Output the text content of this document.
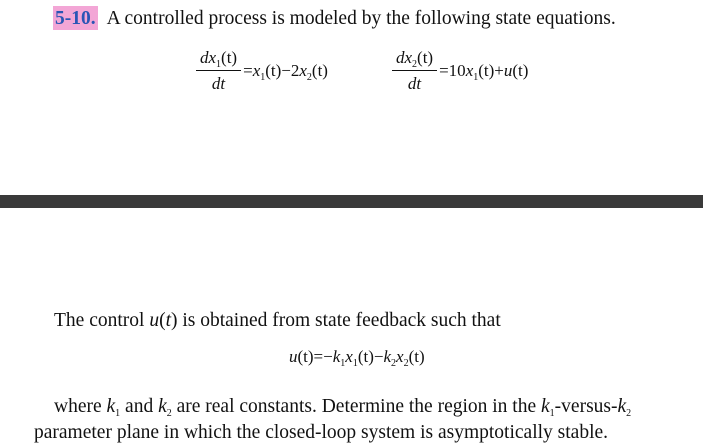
5-10. A controlled process is modeled by the following state equations.
$\frac{dx_1(t)}{dt} =x_1(t)-2x_2(t)$	$\frac{dx_2(t)}{dt} =10x_1(t)+u(t)$
The control u(t) is obtained from state feedback such that
$u(t)=-k_1x_1(t)-k_2x_2(t)$
where $k_1$ and $k_2$ are real constants. Determine the region in the $k_1-versus-k_2$
parameter plane in which the closed-loop system is asymptotically stable.
